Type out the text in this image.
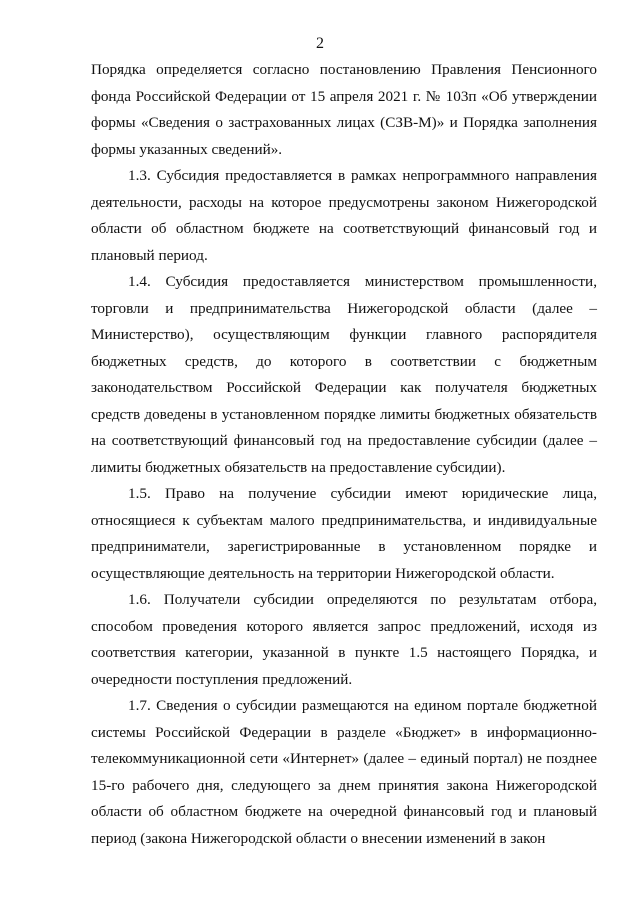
2

Порядка определяется согласно постановлению Правления Пенсионного фонда Российской Федерации от 15 апреля 2021 г. № 103п «Об утверждении формы «Сведения о застрахованных лицах (СЗВ-М)» и Порядка заполнения формы указанных сведений».

1.3. Субсидия предоставляется в рамках непрограммного направления деятельности, расходы на которое предусмотрены законом Нижегородской области об областном бюджете на соответствующий финансовый год и плановый период.

1.4. Субсидия предоставляется министерством промышленности, торговли и предпринимательства Нижегородской области (далее – Министерство), осуществляющим функции главного распорядителя бюджетных средств, до которого в соответствии с бюджетным законодательством Российской Федерации как получателя бюджетных средств доведены в установленном порядке лимиты бюджетных обязательств на соответствующий финансовый год на предоставление субсидии (далее – лимиты бюджетных обязательств на предоставление субсидии).

1.5. Право на получение субсидии имеют юридические лица, относящиеся к субъектам малого предпринимательства, и индивидуальные предприниматели, зарегистрированные в установленном порядке и осуществляющие деятельность на территории Нижегородской области.

1.6. Получатели субсидии определяются по результатам отбора, способом проведения которого является запрос предложений, исходя из соответствия категории, указанной в пункте 1.5 настоящего Порядка, и очередности поступления предложений.

1.7. Сведения о субсидии размещаются на едином портале бюджетной системы Российской Федерации в разделе «Бюджет» в информационно-телекоммуникационной сети «Интернет» (далее – единый портал) не позднее 15-го рабочего дня, следующего за днем принятия закона Нижегородской области об областном бюджете на очередной финансовый год и плановый период (закона Нижегородской области о внесении изменений в закон
